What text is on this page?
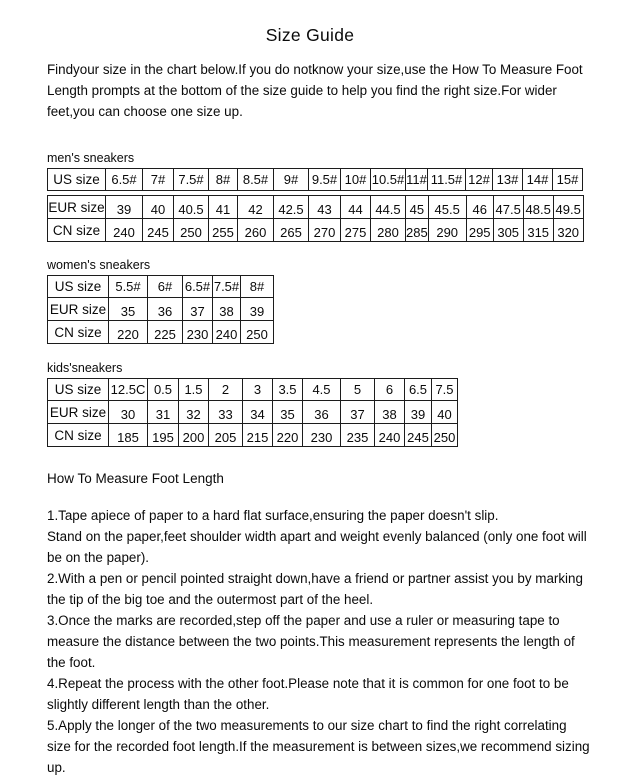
Size Guide

Findyour size in the chart below.If you do notknow your size,use the How To Measure Foot Length prompts at the bottom of the size guide to help you find the right size.For wider feet,you can choose one size up.

men's sneakers
US size	6.5#	7#	7.5#	8#	8.5#	9#	9.5#	10#	10.5#	11#	11.5#	12#	13#	14#	15#
EUR size	39	40	40.5	41	42	42.5	43	44	44.5	45	45.5	46	47.5	48.5	49.5
CN size	240	245	250	255	260	265	270	275	280	285	290	295	305	315	320
women's sneakers
US size	5.5#	6#	6.5#	7.5#	8#
EUR size	35	36	37	38	39
CN size	220	225	230	240	250
kids'sneakers
US size	12.5C	0.5	1.5	2	3	3.5	4.5	5	6	6.5	7.5
EUR size	30	31	32	33	34	35	36	37	38	39	40
CN size	185	195	200	205	215	220	230	235	240	245	250
How To Measure Foot Length
1.Tape apiece of paper to a hard flat surface,ensuring the paper doesn't slip.
Stand on the paper,feet shoulder width apart and weight evenly balanced (only one foot will be on the paper).
2.With a pen or pencil pointed straight down,have a friend or partner assist you by marking the tip of the big toe and the outermost part of the heel.
3.Once the marks are recorded,step off the paper and use a ruler or measuring tape to measure the distance between the two points.This measurement represents the length of the foot.
4.Repeat the process with the other foot.Please note that it is common for one foot to be slightly different length than the other.
5.Apply the longer of the two measurements to our size chart to find the right correlating size for the recorded foot length.If the measurement is between sizes,we recommend sizing up.
